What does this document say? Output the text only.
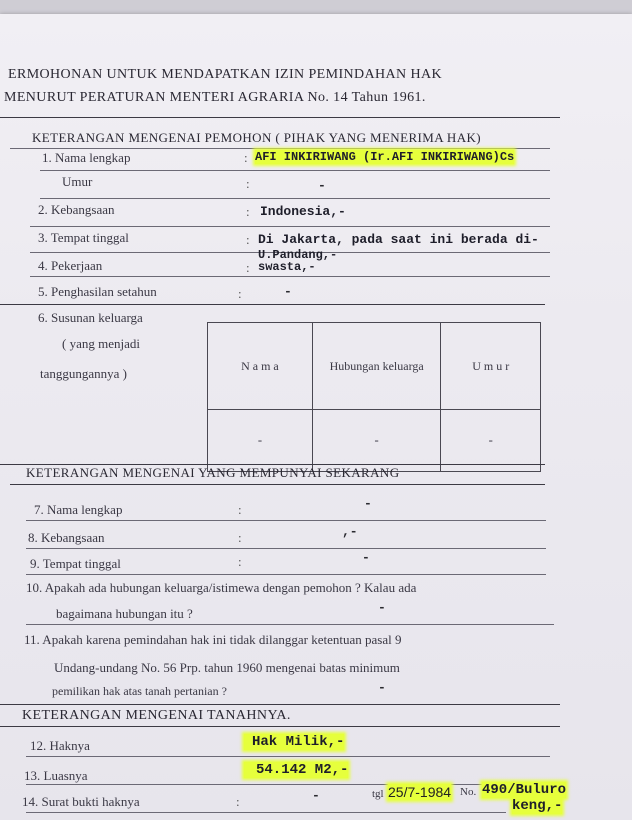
ERMOHONAN UNTUK MENDAPATKAN IZIN PEMINDAHAN HAK
MENURUT PERATURAN MENTERI AGRARIA No. 14 Tahun 1961.
KETERANGAN MENGENAI PEMOHON ( PIHAK YANG MENERIMA HAK)
1. Nama lengkap	: AFI INKIRIWANG (Ir.AFI INKIRIWANG)Cs
Umur	:	-
2. Kebangsaan	: Indonesia,-
3. Tempat tinggal	: Di Jakarta, pada saat ini berada di-
4. Pekerjaan	:
U.Pandang,-
swasta,-
5. Penghasilan setahun	:	-
6. Susunan keluarga
( yang menjadi
tanggungannya )
N a m a	Hubungan keluarga	U m u r
-	-	-
KETERANGAN MENGENAI YANG MEMPUNYAI SEKARANG
7. Nama lengkap	:	-
8. Kebangsaan	:	,-
9. Tempat tinggal	:	-
10. Apakah ada hubungan keluarga/istimewa dengan pemohon ? Kalau ada
bagaimana hubungan itu ?	-
11. Apakah karena pemindahan hak ini tidak dilanggar ketentuan pasal 9
Undang-undang No. 56 Prp. tahun 1960 mengenai batas minimum
pemilikan hak atas tanah pertanian ?	-
KETERANGAN MENGENAI TANAHNYA.
12. Haknya	Hak Milik,-
13. Luasnya	54.142 M2,-
14. Surat bukti haknya	:	-	tgl 25/7-1984 No. 490/Buluro
keng,-
